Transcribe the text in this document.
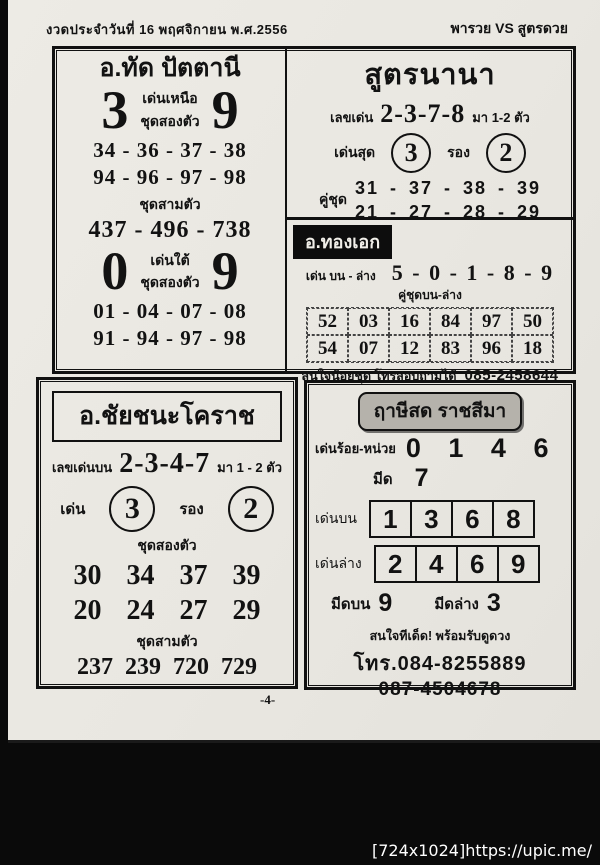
งวดประจำวันที่ 16 พฤศจิกายน พ.ศ.2556	พารวย VS สูตรดวย
อ.ทัด ปัตตานี
3 เด่นเหนือ
ชุดสองตัว 9
34 - 36 - 37 - 38
94 - 96 - 97 - 98
ชุดสามตัว
437 - 496 - 738
0	เด่นใต้
ชุดสองตัว 9
01 - 04 - 07 - 08
91 - 94 - 97 - 98
สูตรนานา
เลขเด่น 2-3-7-8 มา 1-2 ตัว
เด่นสุด	3	รอง	2
คู่ชุด
31 - 37 - 38 - 39
21 - 27 - 28 - 29
อ.ทองเอก
เด่น บน - ล่าง 5 - 0 - 1 - 8 - 9
คู่ชุดบน-ล่าง
52	03	16	84	97	50
54	07	12	83	96	18
สนใจน้อยชุด โทรสอบถามได้ 085-2458644
อ.ชัยชนะโคราช
เลขเด่นบน 2-3-4-7 มา 1 - 2 ตัว
เด่น	3	รอง	2
ชุดสองตัว
30 34 37 39
20 24 27 29
ชุดสามตัว
237 239 720 729
ฤาษีสด ราชสีมา
เด่นร้อย-หน่วย 0 1 4 6
มีด 7
เด่นบน	1	3	6	8
เด่นล่าง	2	4	6	9
มีดบน 9	มีดล่าง 3
สนใจทีเด็ด! พร้อมรับดูดวง
โทร.084-8255889
087-4504678
-4-
[724x1024]https://upic.me/
